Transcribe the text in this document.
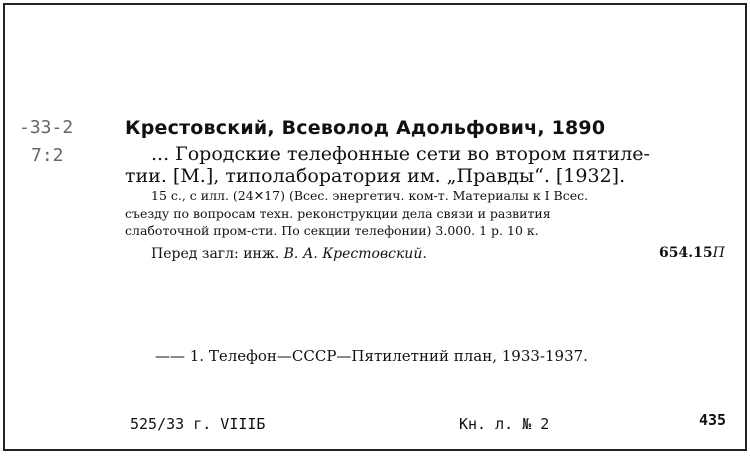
-33-2
7:2
Крестовский, Всеволод Адольфович, 1890
... Городские телефонные сети во втором пятиле-
тии. [М.], типолаборатория им. „Правды“. [1932].
15 с., с илл. (24✕17) (Всес. энергетич. ком-т. Материалы к I Всес.
съезду по вопросам техн. реконструкции дела связи и развития
слаботочной пром-сти. По секции телефонии) 3.000. 1 р. 10 к.
Перед загл: инж. В. А. Крестовский.	654.15П
—— 1. Телефон—СССР—Пятилетний план, 1933-1937.
525/33 г. VIIIБ	Кн. л. № 2	435
